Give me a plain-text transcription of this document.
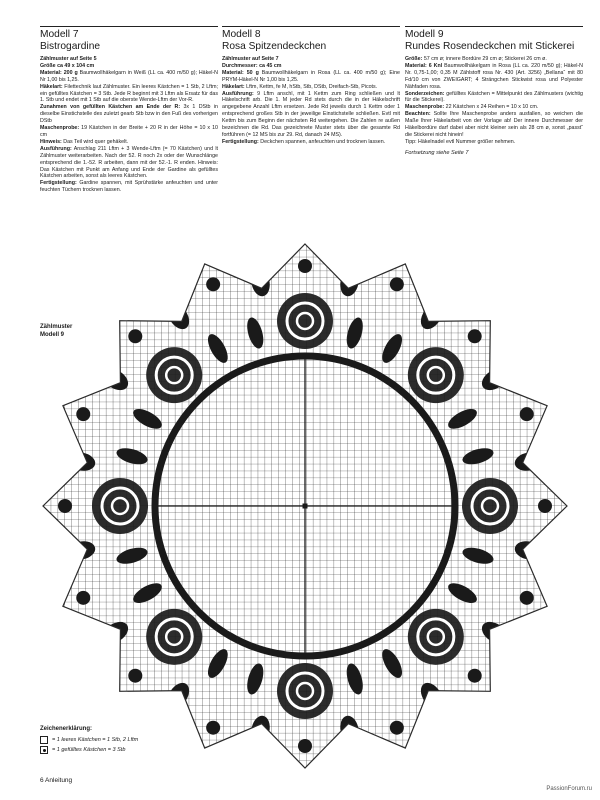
Modell 7
Bistrogardine
Zählmuster auf Seite 5
Größe ca 49 x 104 cm
Material: 200 g Baumwollhäkelgarn in Weiß (LL ca. 400 m/50 g); Häkel-N Nr 1,00 bis 1,25.
Häkelart: Filettechnik laut Zählmuster. Ein leeres Kästchen = 1 Stb, 2 Lftm; ein gefülltes Kästchen = 3 Stb. Jede R beginnt mit 3 Lftm als Ersatz für das 1. Stb und endet mit 1 Stb auf die oberste Wende-Lftm der Vor-R.
Zunahmen von gefüllten Kästchen am Ende der R: 3x 1 DStb in dieselbe Einstichstelle des zuletzt gearb Stb bzw in den Fuß des vorherigen DStb
Maschenprobe: 19 Kästchen in der Breite + 20 R in der Höhe = 10 x 10 cm
Hinweis: Das Teil wird quer gehäkelt.
Ausführung: Anschlag 211 Lftm + 3 Wende-Lftm (= 70 Kästchen) und lt Zählmuster weiterarbeiten. Nach der 52. R noch 2x oder der Wunschlänge entsprechend die 1.-52. R arbeiten, dann mit der 52.-1. R enden. Hinweis: Das Kästchen mit Punkt am Anfang und Ende der Gardine als gefülltes Kästchen arbeiten, sonst als leeres Kästchen.
Fertigstellung: Gardine spannen, mit Sprühstärke anfeuchten und unter feuchten Tüchern trocknen lassen.
Modell 8
Rosa Spitzendeckchen
Zählmuster auf Seite 7
Durchmesser: ca 45 cm
Material: 50 g Baumwollhäkelgarn in Rosa (LL ca. 400 m/50 g); Eine PRYM-Häkel-N Nr 1,00 bis 1,25.
Häkelart: Lftm, Kettm, fe M, hStb, Stb, DStb, Dreifach-Stb, Picots.
Ausführung: 9 Lftm anschl, mit 1 Kettm zum Ring schließen und lt Häkelschrift arb. Die 1. M jeder Rd stets durch die in der Häkelschrift angegebene Anzahl Lftm ersetzen. Jede Rd jeweils durch 1 Kettm oder 1 entsprechend großes Stb in der jeweilige Einstichstelle schließen. Evtl mit Kettm bis zum Beginn der nächsten Rd weitergehen. Die Zahlen re außen bezeichnen die Rd. Das gezeichnete Muster stets über die gesamte Rd fortführen (= 12 MS bis zur 29. Rd, danach 24 MS).
Fertigstellung: Deckchen spannen, anfeuchten und trocknen lassen.
Modell 9
Rundes Rosendeckchen mit Stickerei
Größe: 57 cm ø; innere Bordüre 29 cm ø; Stickerei 26 cm ø.
Material: 6 Knl Baumwollhäkelgarn in Rosa (LL ca. 220 m/50 g); Häkel-N Nr. 0,75-1,00; 0,35 M Zählstoff rosa Nr. 430 (Art. 3256) „Bellana“ mit 80 Fd/10 cm von ZWEIGART; 4 Strängchen Stickwist rosa und Polyester Nähfaden rosa.
Sonderzeichen: gefülltes Kästchen = Mittelpunkt des Zählmusters (wichtig für die Stickerei).
Maschenprobe: 22 Kästchen x 24 Reihen = 10 x 10 cm.
Beachten: Sollte Ihre Maschenprobe anders ausfallen, so weichen die Maße Ihrer Häkelarbeit von der Vorlage ab! Der innere Durchmesser der Häkelbordüre darf dabei aber nicht kleiner sein als 28 cm ø, sonst „passt“ die Stickerei nicht hinein!
Tipp: Häkelnadel evtl Nummer größer nehmen.
Fortsetzung siehe Seite 7
Zählmuster
Modell 9
Zeichenerklärung:
= 1 leeres Kästchen = 1 Stb, 2 Lftm
= 1 gefülltes Kästchen = 3 Stb
6 Anleitung
PassionForum.ru
